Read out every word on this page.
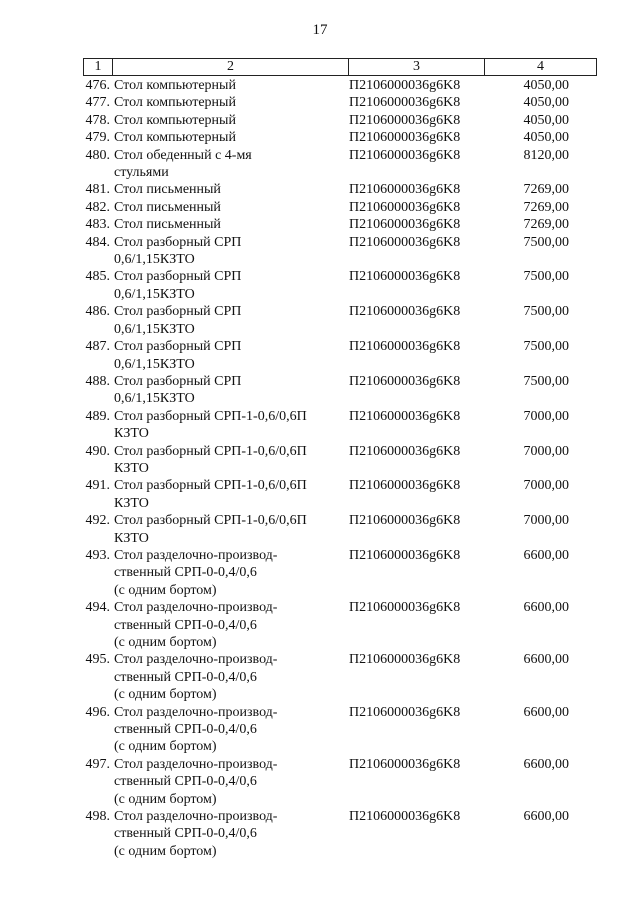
17
1	2	3	4
476. Стол компьютерный	П2106000036g6K8	4050,00
477. Стол компьютерный	П2106000036g6K8	4050,00
478. Стол компьютерный	П2106000036g6K8	4050,00
479. Стол компьютерный	П2106000036g6K8	4050,00
480. Стол обеденный с 4-мя
стульями
П2106000036g6K8	8120,00
481. Стол письменный	П2106000036g6K8	7269,00
482. Стол письменный	П2106000036g6K8	7269,00
483. Стол письменный	П2106000036g6K8	7269,00
484. Стол разборный СРП
0,6/1,15КЗТО
П2106000036g6K8	7500,00
485. Стол разборный СРП
0,6/1,15КЗТО
П2106000036g6K8	7500,00
486. Стол разборный СРП
0,6/1,15КЗТО
П2106000036g6K8	7500,00
487. Стол разборный СРП
0,6/1,15КЗТО
П2106000036g6K8	7500,00
488. Стол разборный СРП
0,6/1,15КЗТО
П2106000036g6K8	7500,00
489. Стол разборный СРП-1-0,6/0,6П
КЗТО
П2106000036g6K8	7000,00
490. Стол разборный СРП-1-0,6/0,6П
КЗТО
П2106000036g6K8	7000,00
491. Стол разборный СРП-1-0,6/0,6П
КЗТО
П2106000036g6K8	7000,00
492. Стол разборный СРП-1-0,6/0,6П
КЗТО
П2106000036g6K8	7000,00
493. Стол разделочно-производ-
ственный СРП-0-0,4/0,6
(с одним бортом)
П2106000036g6K8	6600,00
494. Стол разделочно-производ-
ственный СРП-0-0,4/0,6
(с одним бортом)
П2106000036g6K8	6600,00
495. Стол разделочно-производ-
ственный СРП-0-0,4/0,6
(с одним бортом)
П2106000036g6K8	6600,00
496. Стол разделочно-производ-
ственный СРП-0-0,4/0,6
(с одним бортом)
П2106000036g6K8	6600,00
497. Стол разделочно-производ-
ственный СРП-0-0,4/0,6
(с одним бортом)
П2106000036g6K8	6600,00
498. Стол разделочно-производ-
ственный СРП-0-0,4/0,6
(с одним бортом)
П2106000036g6K8	6600,00
